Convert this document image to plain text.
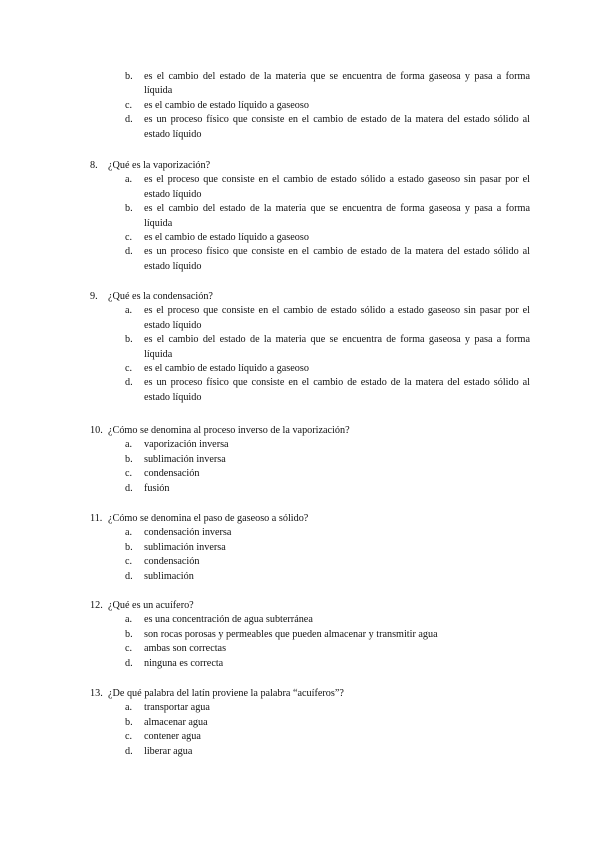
b. es el cambio del estado de la materia que se encuentra de forma gaseosa y pasa a forma líquida
c. es el cambio de estado líquido a gaseoso
d. es un proceso físico que consiste en el cambio de estado de la matera del estado sólido al estado líquido
8. ¿Qué es la vaporización?
a. es el proceso que consiste en el cambio de estado sólido a estado gaseoso sin pasar por el estado líquido
b. es el cambio del estado de la materia que se encuentra de forma gaseosa y pasa a forma líquida
c. es el cambio de estado líquido a gaseoso
d. es un proceso físico que consiste en el cambio de estado de la matera del estado sólido al estado líquido
9. ¿Qué es la condensación?
a. es el proceso que consiste en el cambio de estado sólido a estado gaseoso sin pasar por el estado líquido
b. es el cambio del estado de la materia que se encuentra de forma gaseosa y pasa a forma líquida
c. es el cambio de estado líquido a gaseoso
d. es un proceso físico que consiste en el cambio de estado de la matera del estado sólido al estado líquido
10. ¿Cómo se denomina al proceso inverso de la vaporización?
a. vaporización inversa
b. sublimación inversa
c. condensación
d. fusión
11. ¿Cómo se denomina el paso de gaseoso a sólido?
a. condensación inversa
b. sublimación inversa
c. condensación
d. sublimación
12. ¿Qué es un acuífero?
a. es una concentración de agua subterránea
b. son rocas porosas y permeables que pueden almacenar y transmitir agua
c. ambas son correctas
d. ninguna es correcta
13. ¿De qué palabra del latín proviene la palabra “acuíferos”?
a. transportar agua
b. almacenar agua
c. contener agua
d. liberar agua
